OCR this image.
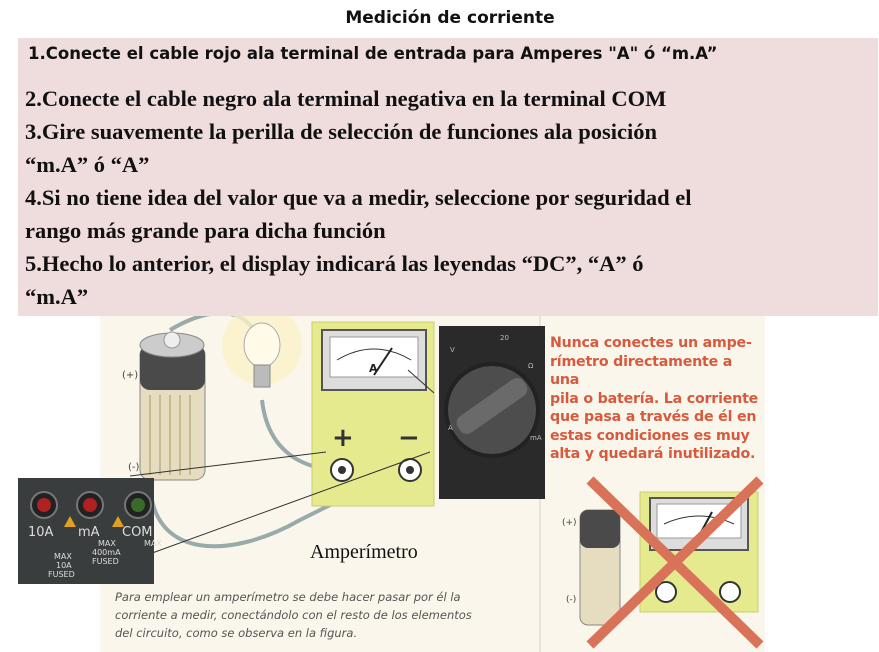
Medición de corriente
1.Conecte el cable rojo ala terminal de entrada para Amperes "A" ó “m.A”
2.Conecte el cable negro ala terminal negativa en la terminal COM
3.Gire suavemente la perilla de selección de funciones ala posición
“m.A” ó “A”
4.Si no tiene idea del valor que va a medir, seleccione por seguridad el
rango más grande para dicha función
5.Hecho lo anterior, el display indicará las leyendas “DC”, “A” ó
“m.A”
(+)
(-)
A
+ −
V
20
Ω
A
mA
(+)
(-)
10A mA COM
MAX
10A
FUSED
MAX
400mA
FUSED
MAX	Amperímetro
Nunca conectes un ampe-
rímetro directamente a una
pila o batería. La corriente
que pasa a través de él en
estas condiciones es muy
alta y quedará inutilizado.
Para emplear un amperímetro se debe hacer pasar por él la
corriente a medir, conectándolo con el resto de los elementos
del circuito, como se observa en la figura.
